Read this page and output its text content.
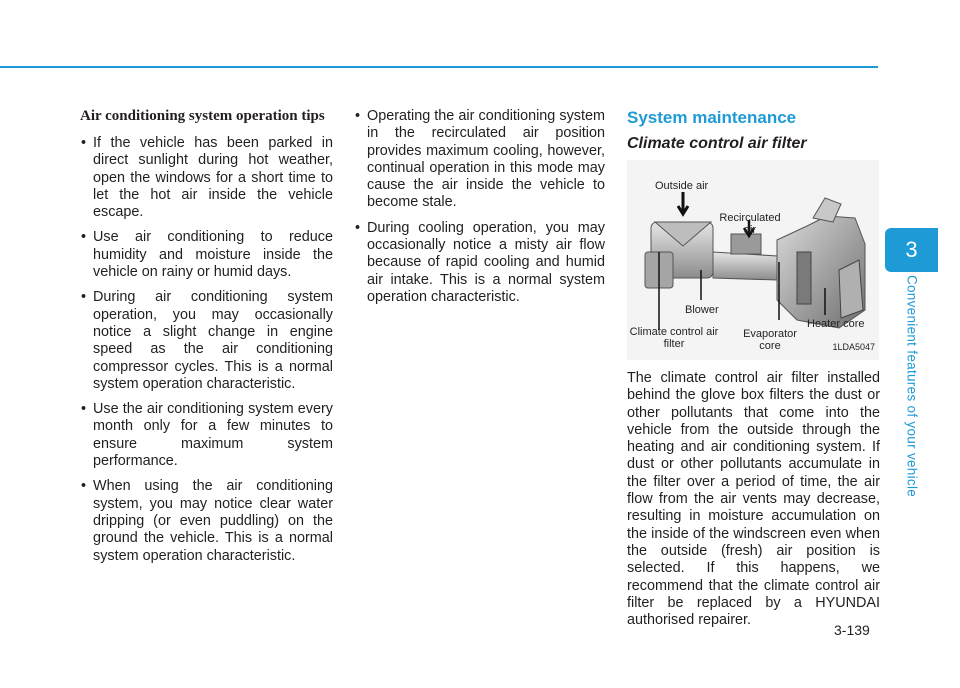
Air conditioning system operation tips

• If the vehicle has been parked in direct sunlight during hot weather, open the windows for a short time to let the hot air inside the vehicle escape.
• Use air conditioning to reduce humidity and moisture inside the vehicle on rainy or humid days.
• During air conditioning system operation, you may occasionally notice a slight change in engine speed as the air conditioning compressor cycles. This is a normal system operation characteristic.
• Use the air conditioning system every month only for a few minutes to ensure maximum system performance.
• When using the air conditioning system, you may notice clear water dripping (or even puddling) on the ground the vehicle. This is a normal system operation characteristic.
• Operating the air conditioning system in the recirculated air position provides maximum cooling, however, continual operation in this mode may cause the air inside the vehicle to become stale.
• During cooling operation, you may occasionally notice a misty air flow because of rapid cooling and humid air intake. This is a normal system operation characteristic.

System maintenance

Climate control air filter

Outside air
Recirculated air
Blower
Climate control air filter
Evaporator core
Heater core
1LDA5047

The climate control air filter installed behind the glove box filters the dust or other pollutants that come into the vehicle from the outside through the heating and air conditioning system. If dust or other pollutants accumulate in the filter over a period of time, the air flow from the air vents may decrease, resulting in moisture accumulation on the inside of the windscreen even when the outside (fresh) air position is selected. If this happens, we recommend that the climate control air filter be replaced by a HYUNDAI authorised repairer.

3
Convenient features of your vehicle
3-139
